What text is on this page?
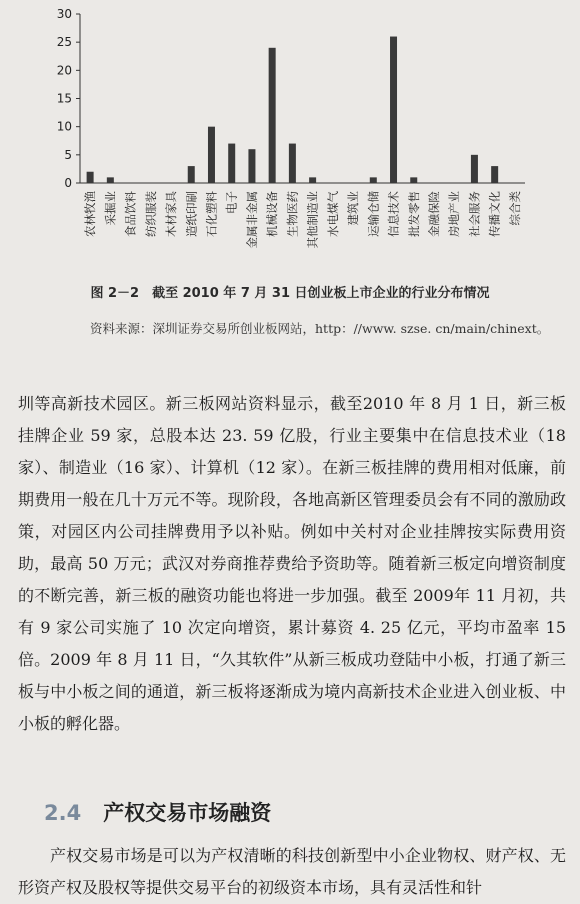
0
5
10
15
20
25
30
农林牧渔 采掘业 食品饮料 纺织服装 木材家具 造纸印刷 石化塑料 电子 金属非金属 机械设备 生物医药 其他制造业 水电煤气 建筑业 运输仓储 信息技术 批发零售 金融保险 房地产业 社会服务 传播文化 综合类
图 2－2　截至 2010 年 7 月 31 日创业板上市企业的行业分布情况
资料来源：深圳证券交易所创业板网站，http：//www. szse. cn/main/chinext。

圳等高新技术园区。新三板网站资料显示，截至2010 年 8 月 1 日，新三板挂牌企业 59 家，总股本达 23. 59 亿股，行业主要集中在信息技术业（18 家）、制造业（16 家）、计算机（12 家）。在新三板挂牌的费用相对低廉，前期费用一般在几十万元不等。现阶段，各地高新区管理委员会有不同的激励政策，对园区内公司挂牌费用予以补贴。例如中关村对企业挂牌按实际费用资助，最高 50 万元；武汉对券商推荐费给予资助等。随着新三板定向增资制度的不断完善，新三板的融资功能也将进一步加强。截至 2009年 11 月初，共有 9 家公司实施了 10 次定向增资，累计募资 4. 25 亿元，平均市盈率 15 倍。2009 年 8 月 11 日，“久其软件”从新三板成功登陆中小板，打通了新三板与中小板之间的通道，新三板将逐渐成为境内高新技术企业进入创业板、中小板的孵化器。

2.4 产权交易市场融资

产权交易市场是可以为产权清晰的科技创新型中小企业物权、财产权、无形资产权及股权等提供交易平台的初级资本市场，具有灵活性和针
